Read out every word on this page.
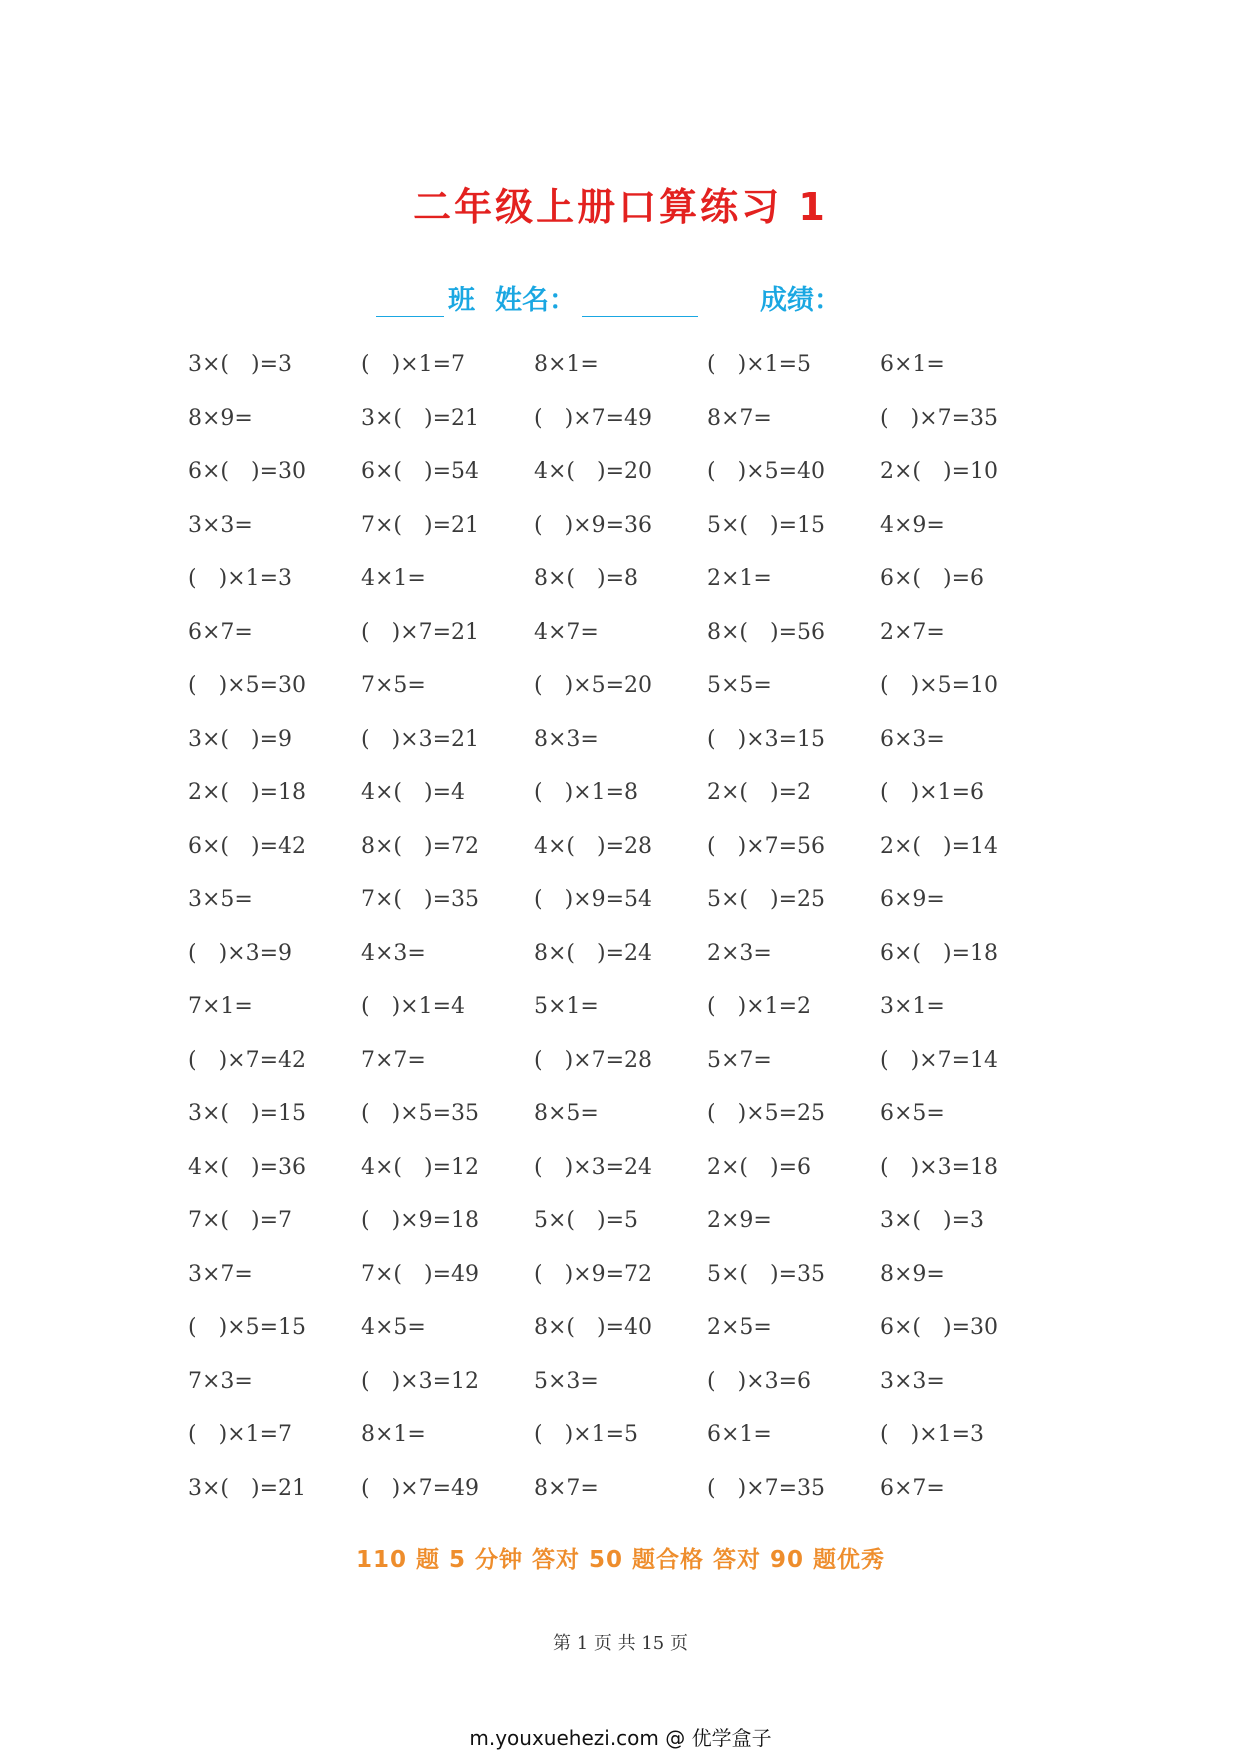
二年级上册口算练习 1
班 姓名：	成绩：
3×(　)=3	(　)×1=7	8×1=	(　)×1=5	6×1=
8×9=	3×(　)=21	(　)×7=49	8×7=	(　)×7=35
6×(　)=30	6×(　)=54	4×(　)=20	(　)×5=40	2×(　)=10
3×3=	7×(　)=21	(　)×9=36	5×(　)=15	4×9=
(　)×1=3	4×1=	8×(　)=8	2×1=	6×(　)=6
6×7=	(　)×7=21	4×7=	8×(　)=56	2×7=
(　)×5=30	7×5=	(　)×5=20	5×5=	(　)×5=10
3×(　)=9	(　)×3=21	8×3=	(　)×3=15	6×3=
2×(　)=18	4×(　)=4	(　)×1=8	2×(　)=2	(　)×1=6
6×(　)=42	8×(　)=72	4×(　)=28	(　)×7=56	2×(　)=14
3×5=	7×(　)=35	(　)×9=54	5×(　)=25	6×9=
(　)×3=9	4×3=	8×(　)=24	2×3=	6×(　)=18
7×1=	(　)×1=4	5×1=	(　)×1=2	3×1=
(　)×7=42	7×7=	(　)×7=28	5×7=	(　)×7=14
3×(　)=15	(　)×5=35	8×5=	(　)×5=25	6×5=
4×(　)=36	4×(　)=12	(　)×3=24	2×(　)=6	(　)×3=18
7×(　)=7	(　)×9=18	5×(　)=5	2×9=	3×(　)=3
3×7=	7×(　)=49	(　)×9=72	5×(　)=35	8×9=
(　)×5=15	4×5=	8×(　)=40	2×5=	6×(　)=30
7×3=	(　)×3=12	5×3=	(　)×3=6	3×3=
(　)×1=7	8×1=	(　)×1=5	6×1=	(　)×1=3
3×(　)=21	(　)×7=49	8×7=	(　)×7=35	6×7=
110 题 5 分钟 答对 50 题合格 答对 90 题优秀
第 1 页 共 15 页
m.youxuehezi.com @ 优学盒子
